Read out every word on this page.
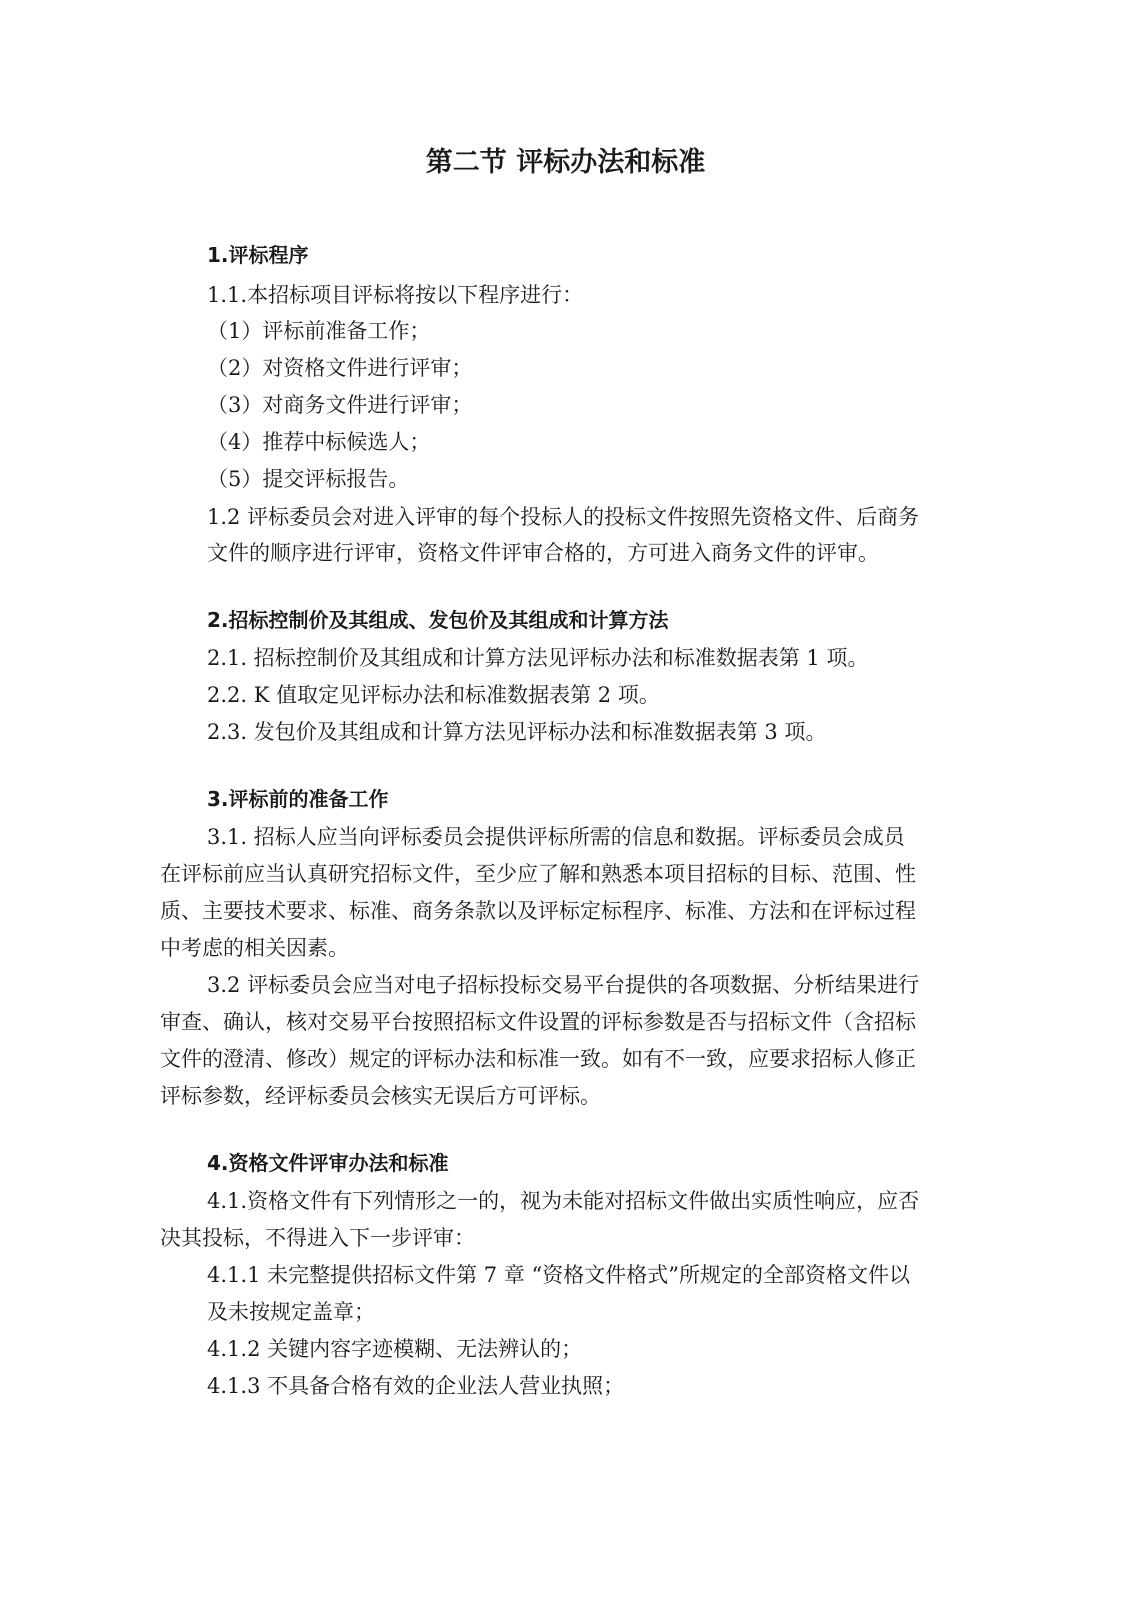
第二节 评标办法和标准
1.评标程序
1.1.本招标项目评标将按以下程序进行：
（1）评标前准备工作；
（2）对资格文件进行评审；
（3）对商务文件进行评审；
（4）推荐中标候选人；
（5）提交评标报告。
1.2 评标委员会对进入评审的每个投标人的投标文件按照先资格文件、后商务
文件的顺序进行评审，资格文件评审合格的，方可进入商务文件的评审。
2.招标控制价及其组成、发包价及其组成和计算方法
2.1. 招标控制价及其组成和计算方法见评标办法和标准数据表第 1 项。
2.2. K 值取定见评标办法和标准数据表第 2 项。
2.3. 发包价及其组成和计算方法见评标办法和标准数据表第 3 项。
3.评标前的准备工作
3.1. 招标人应当向评标委员会提供评标所需的信息和数据。评标委员会成员
在评标前应当认真研究招标文件，至少应了解和熟悉本项目招标的目标、范围、性
质、主要技术要求、标准、商务条款以及评标定标程序、标准、方法和在评标过程
中考虑的相关因素。
3.2 评标委员会应当对电子招标投标交易平台提供的各项数据、分析结果进行
审查、确认，核对交易平台按照招标文件设置的评标参数是否与招标文件（含招标
文件的澄清、修改）规定的评标办法和标准一致。如有不一致，应要求招标人修正
评标参数，经评标委员会核实无误后方可评标。
4.资格文件评审办法和标准
4.1.资格文件有下列情形之一的，视为未能对招标文件做出实质性响应，应否
决其投标，不得进入下一步评审：
4.1.1 未完整提供招标文件第 7 章 “资格文件格式”所规定的全部资格文件以
及未按规定盖章；
4.1.2 关键内容字迹模糊、无法辨认的；
4.1.3 不具备合格有效的企业法人营业执照；
